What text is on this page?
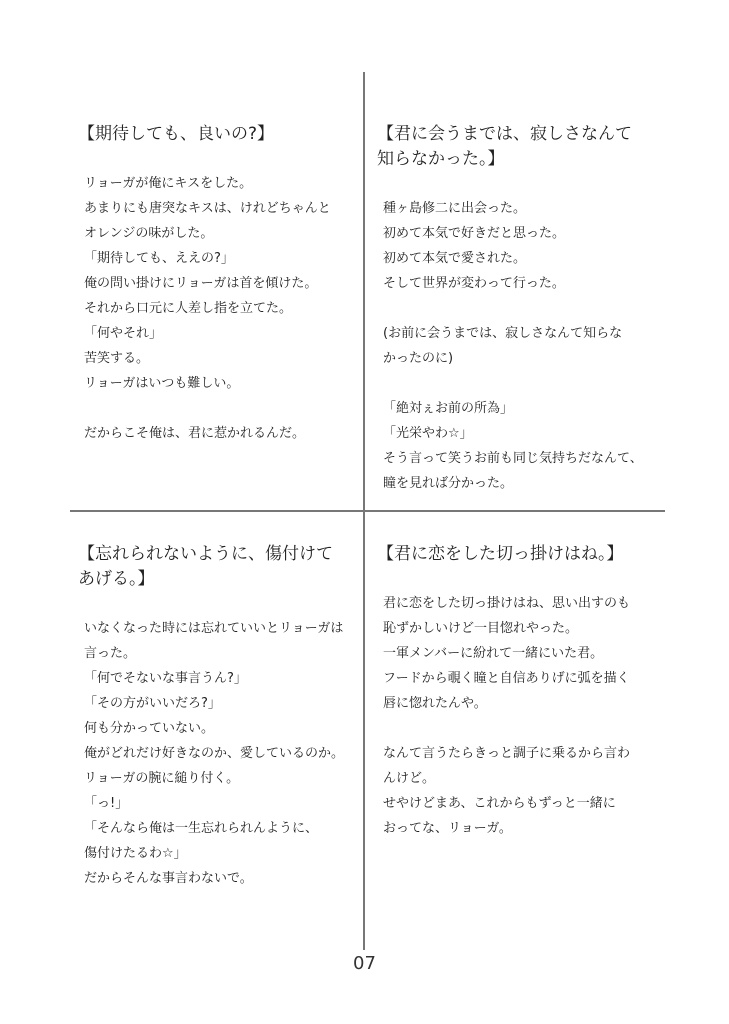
【期待しても、良いの?】

リョーガが俺にキスをした。

あまりにも唐突なキスは、けれどちゃんと

オレンジの味がした。

「期待しても、ええの?」

俺の問い掛けにリョーガは首を傾けた。

それから口元に人差し指を立てた。

「何やそれ」

苦笑する。

リョーガはいつも難しい。

だからこそ俺は、君に惹かれるんだ。

【君に会うまでは、寂しさなんて
知らなかった。】

種ヶ島修二に出会った。

初めて本気で好きだと思った。

初めて本気で愛された。

そして世界が変わって行った。

(お前に会うまでは、寂しさなんて知らな

かったのに)

「絶対ぇお前の所為」

「光栄やわ☆」

そう言って笑うお前も同じ気持ちだなんて、

瞳を見れば分かった。

【忘れられないように、傷付けて
あげる。】

いなくなった時には忘れていいとリョーガは

言った。

「何でそないな事言うん?」

「その方がいいだろ?」

何も分かっていない。

俺がどれだけ好きなのか、愛しているのか。

リョーガの腕に縋り付く。

「っ!」

「そんなら俺は一生忘れられんように、

傷付けたるわ☆」

だからそんな事言わないで。

【君に恋をした切っ掛けはね。】

君に恋をした切っ掛けはね、思い出すのも

恥ずかしいけど一目惚れやった。

一軍メンバーに紛れて一緒にいた君。

フードから覗く瞳と自信ありげに弧を描く

唇に惚れたんや。

なんて言うたらきっと調子に乗るから言わ

んけど。

せやけどまあ、これからもずっと一緒に

おってな、リョーガ。

07
